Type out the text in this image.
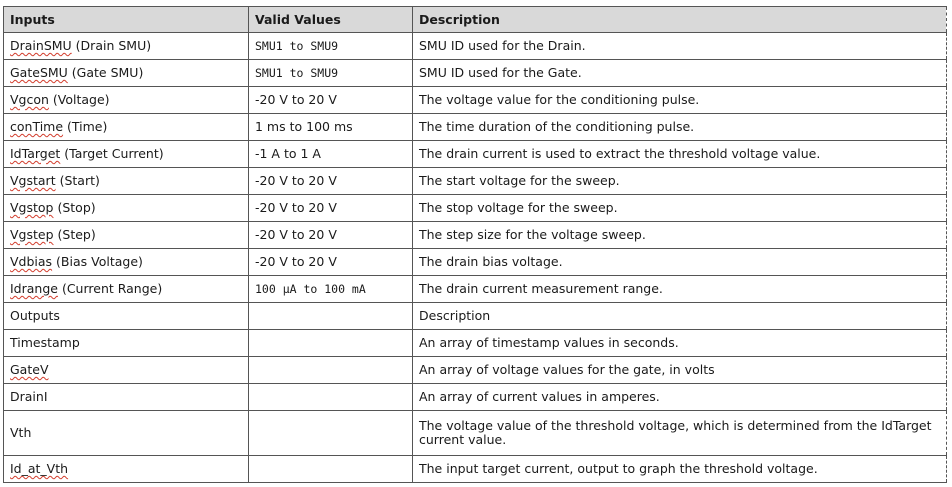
Inputs	Valid Values	Description
DrainSMU (Drain SMU)	SMU1 to SMU9	SMU ID used for the Drain.
GateSMU (Gate SMU)	SMU1 to SMU9	SMU ID used for the Gate.
Vgcon (Voltage)	-20 V to 20 V	The voltage value for the conditioning pulse.
conTime (Time)	1 ms to 100 ms	The time duration of the conditioning pulse.
IdTarget (Target Current)	-1 A to 1 A	The drain current is used to extract the threshold voltage value.
Vgstart (Start)	-20 V to 20 V	The start voltage for the sweep.
Vgstop (Stop)	-20 V to 20 V	The stop voltage for the sweep.
Vgstep (Step)	-20 V to 20 V	The step size for the voltage sweep.
Vdbias (Bias Voltage)	-20 V to 20 V	The drain bias voltage.
Idrange (Current Range)	100 µA to 100 mA	The drain current measurement range.
Outputs		Description
Timestamp		An array of timestamp values in seconds.
GateV		An array of voltage values for the gate, in volts
DrainI		An array of current values in amperes.
Vth		The voltage value of the threshold voltage, which is determined from the IdTarget current value.
Id_at_Vth		The input target current, output to graph the threshold voltage.
